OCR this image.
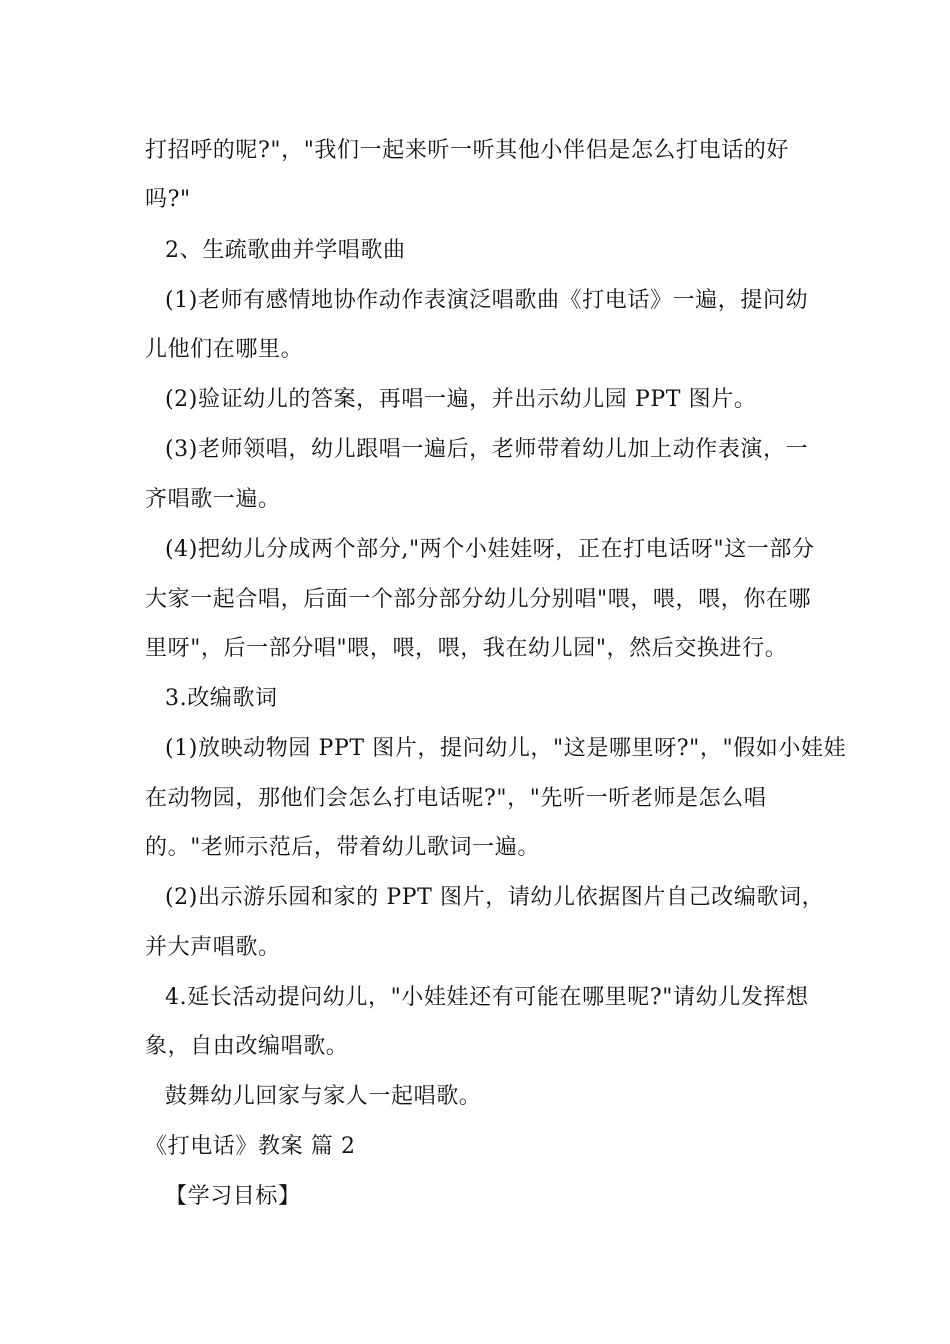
打招呼的呢?"，"我们一起来听一听其他小伴侣是怎么打电话的好
吗?"
2、生疏歌曲并学唱歌曲
(1)老师有感情地协作动作表演泛唱歌曲《打电话》一遍，提问幼
儿他们在哪里。
(2)验证幼儿的答案，再唱一遍，并出示幼儿园 PPT 图片。
(3)老师领唱，幼儿跟唱一遍后，老师带着幼儿加上动作表演，一
齐唱歌一遍。
(4)把幼儿分成两个部分,"两个小娃娃呀，正在打电话呀"这一部分
大家一起合唱，后面一个部分部分幼儿分别唱"喂，喂，喂，你在哪
里呀"，后一部分唱"喂，喂，喂，我在幼儿园"，然后交换进行。
3.改编歌词
(1)放映动物园 PPT 图片，提问幼儿，"这是哪里呀?"，"假如小娃娃
在动物园，那他们会怎么打电话呢?"，"先听一听老师是怎么唱
的。"老师示范后，带着幼儿歌词一遍。
(2)出示游乐园和家的 PPT 图片，请幼儿依据图片自己改编歌词，
并大声唱歌。
4.延长活动提问幼儿，"小娃娃还有可能在哪里呢?"请幼儿发挥想
象，自由改编唱歌。
鼓舞幼儿回家与家人一起唱歌。
《打电话》教案 篇 2
【学习目标】
